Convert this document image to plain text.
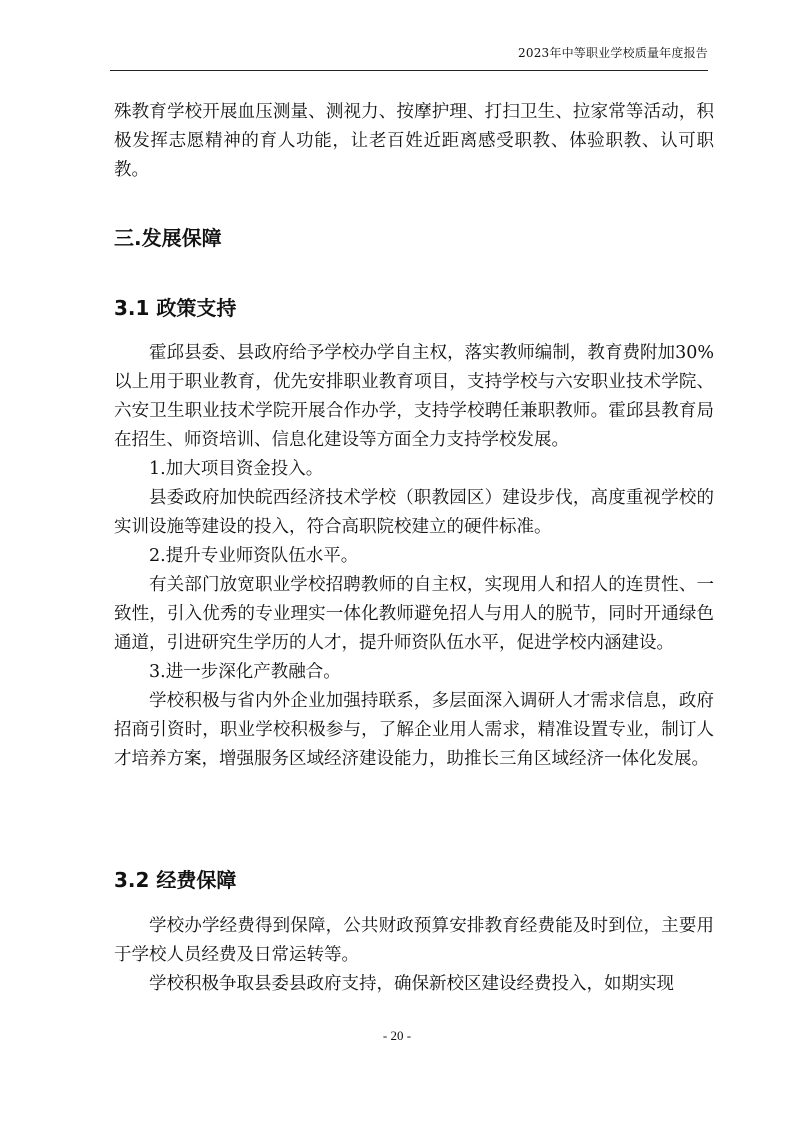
2023年中等职业学校质量年度报告

殊教育学校开展血压测量、测视力、按摩护理、打扫卫生、拉家常等活动，积极发挥志愿精神的育人功能，让老百姓近距离感受职教、体验职教、认可职教。

三.发展保障
3.1 政策支持

霍邱县委、县政府给予学校办学自主权，落实教师编制，教育费附加30%以上用于职业教育，优先安排职业教育项目，支持学校与六安职业技术学院、六安卫生职业技术学院开展合作办学，支持学校聘任兼职教师。霍邱县教育局在招生、师资培训、信息化建设等方面全力支持学校发展。

1.加大项目资金投入。

县委政府加快皖西经济技术学校（职教园区）建设步伐，高度重视学校的实训设施等建设的投入，符合高职院校建立的硬件标准。

2.提升专业师资队伍水平。

有关部门放宽职业学校招聘教师的自主权，实现用人和招人的连贯性、一致性，引入优秀的专业理实一体化教师避免招人与用人的脱节，同时开通绿色通道，引进研究生学历的人才，提升师资队伍水平，促进学校内涵建设。

3.进一步深化产教融合。

学校积极与省内外企业加强持联系，多层面深入调研人才需求信息，政府招商引资时，职业学校积极参与，了解企业用人需求，精准设置专业，制订人才培养方案，增强服务区域经济建设能力，助推长三角区域经济一体化发展。

3.2 经费保障

学校办学经费得到保障，公共财政预算安排教育经费能及时到位，主要用于学校人员经费及日常运转等。

学校积极争取县委县政府支持，确保新校区建设经费投入，如期实现

- 20 -
